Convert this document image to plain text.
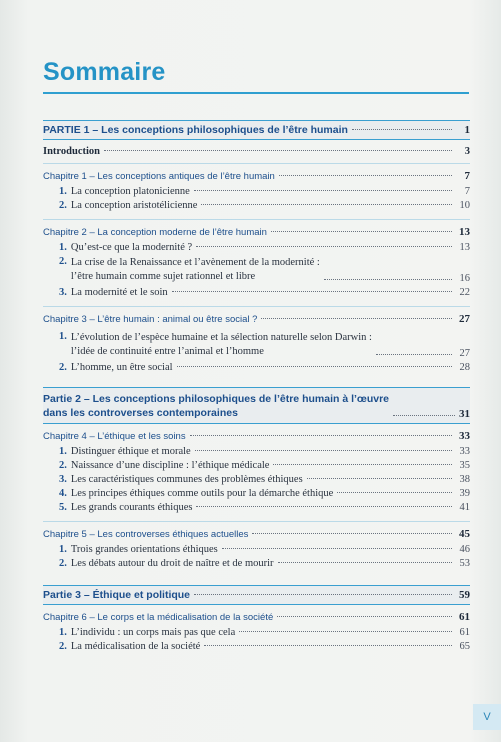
Sommaire
PARTIE 1 – Les conceptions philosophiques de l’être humain	1
Introduction	3
Chapitre 1 – Les conceptions antiques de l’être humain	7
1. La conception platonicienne	7
2. La conception aristotélicienne	10
Chapitre 2 – La conception moderne de l’être humain	13
1. Qu’est-ce que la modernité ?	13
2. La crise de la Renaissance et l’avènement de la modernité :
l’être humain comme sujet rationnel et libre	16
3. La modernité et le soin	22
Chapitre 3 – L’être humain : animal ou être social ?	27
1. L’évolution de l’espèce humaine et la sélection naturelle selon Darwin :
l’idée de continuité entre l’animal et l’homme	27
2. L’homme, un être social	28
Partie 2 – Les conceptions philosophiques de l’être humain à l’œuvre
dans les controverses contemporaines	31
Chapitre 4 – L’éthique et les soins	33
1. Distinguer éthique et morale	33
2. Naissance d’une discipline : l’éthique médicale	35
3. Les caractéristiques communes des problèmes éthiques	38
4. Les principes éthiques comme outils pour la démarche éthique	39
5. Les grands courants éthiques	41
Chapitre 5 – Les controverses éthiques actuelles	45
1. Trois grandes orientations éthiques	46
2. Les débats autour du droit de naître et de mourir	53
Partie 3 – Éthique et politique	59
Chapitre 6 – Le corps et la médicalisation de la société	61
1. L’individu : un corps mais pas que cela	61
2. La médicalisation de la société	65
V
